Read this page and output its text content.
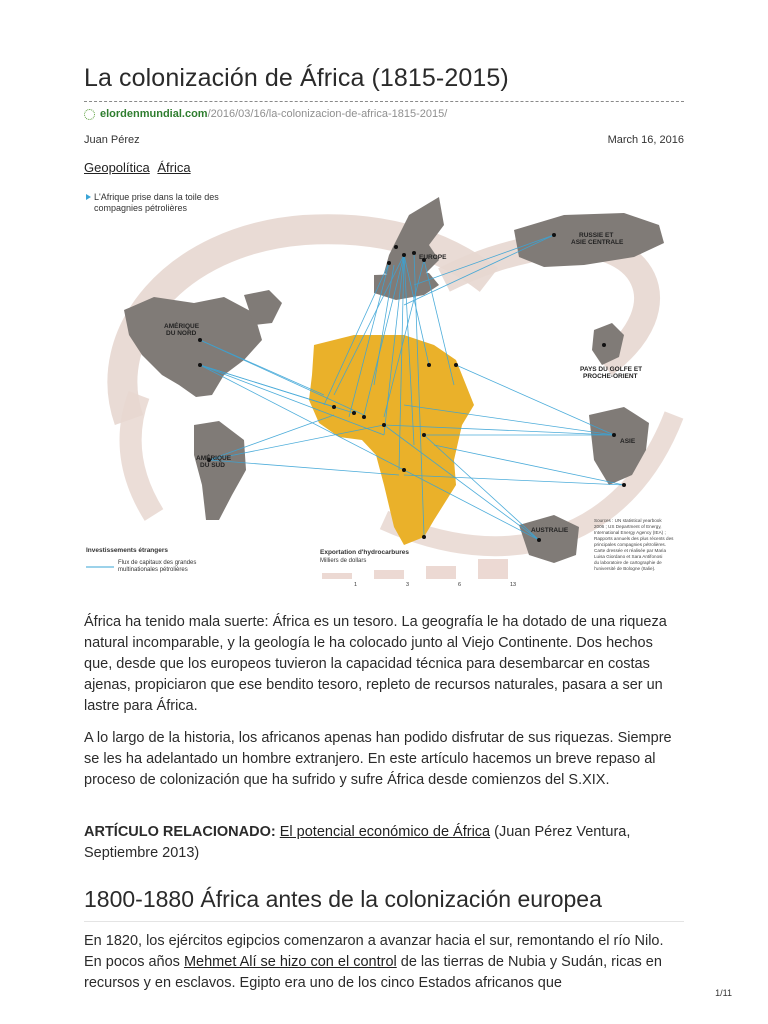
La colonización de África (1815-2015)
elordenmundial.com /2016/03/16/la-colonizacion-de-africa-1815-2015/
Juan Pérez	March 16, 2016
Geopolítica África
L'Afrique prise dans la toile des
compagnies pétrolières
EUROPE
RUSSIE ET
ASIE CENTRALE
AMÉRIQUE
DU NORD
PAYS DU GOLFE ET
PROCHE-ORIENT
ASIE
AMÉRIQUE
DU SUD
AUSTRALIE
Investissements étrangers
Flux de capitaux des grandes
multinationales pétrolières
Exportation d'hydrocarbures
Milliers de dollars
1	3	6	13
Sources : UN statistical yearbook
2006 ; US Department of Energy,
International Energy Agency (IEA) ;
Rapports annuels des plus récents des
principales compagnies pétrolières.
Carte dressée et réalisée par Maria
Luisa Giordano et Sara Antifonosi
du laboratoire de cartographie de
l'université de Bologne (Italie).

África ha tenido mala suerte: África es un tesoro. La geografía le ha dotado de una riqueza natural incomparable, y la geología le ha colocado junto al Viejo Continente. Dos hechos que, desde que los europeos tuvieron la capacidad técnica para desembarcar en costas ajenas, propiciaron que ese bendito tesoro, repleto de recursos naturales, pasara a ser un lastre para África.

A lo largo de la historia, los africanos apenas han podido disfrutar de sus riquezas. Siempre se les ha adelantado un hombre extranjero. En este artículo hacemos un breve repaso al proceso de colonización que ha sufrido y sufre África desde comienzos del S.XIX.

ARTÍCULO RELACIONADO: El potencial económico de África (Juan Pérez Ventura, Septiembre 2013)

1800-1880 África antes de la colonización europea

En 1820, los ejércitos egipcios comenzaron a avanzar hacia el sur, remontando el río Nilo. En pocos años Mehmet Alí se hizo con el control de las tierras de Nubia y Sudán, ricas en recursos y en esclavos. Egipto era uno de los cinco Estados africanos que

1/11
